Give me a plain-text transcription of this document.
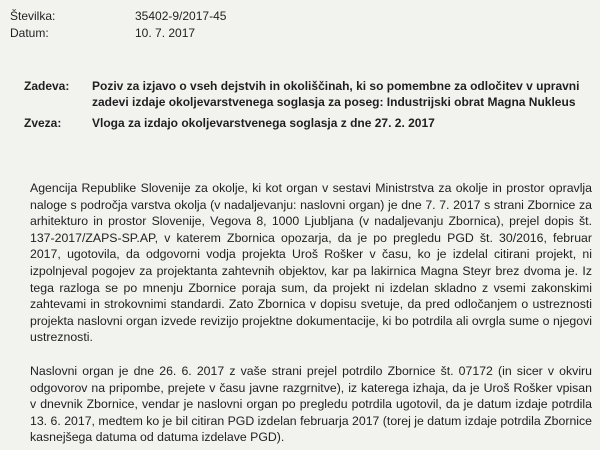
Številka:	35402-9/2017-45
Datum:	10. 7. 2017
Zadeva:	Poziv za izjavo o vseh dejstvih in okoliščinah, ki so pomembne za odločitev v upravni zadevi izdaje okoljevarstvenega soglasja za poseg: Industrijski obrat Magna Nukleus
Zveza:	Vloga za izdajo okoljevarstvenega soglasja z dne 27. 2. 2017

Agencija Republike Slovenije za okolje, ki kot organ v sestavi Ministrstva za okolje in prostor opravlja naloge s področja varstva okolja (v nadaljevanju: naslovni organ) je dne 7. 7. 2017 s strani Zbornice za arhitekturo in prostor Slovenije, Vegova 8, 1000 Ljubljana (v nadaljevanju Zbornica), prejel dopis št. 137-2017/ZAPS-SP.AP, v katerem Zbornica opozarja, da je po pregledu PGD št. 30/2016, februar 2017, ugotovila, da odgovorni vodja projekta Uroš Rošker v času, ko je izdelal citirani projekt, ni izpolnjeval pogojev za projektanta zahtevnih objektov, kar pa lakirnica Magna Steyr brez dvoma je. Iz tega razloga se po mnenju Zbornice poraja sum, da projekt ni izdelan skladno z vsemi zakonskimi zahtevami in strokovnimi standardi. Zato Zbornica v dopisu svetuje, da pred odločanjem o ustreznosti projekta naslovni organ izvede revizijo projektne dokumentacije, ki bo potrdila ali ovrgla sume o njegovi ustreznosti.

Naslovni organ je dne 26. 6. 2017 z vaše strani prejel potrdilo Zbornice št. 07172 (in sicer v okviru odgovorov na pripombe, prejete v času javne razgrnitve), iz katerega izhaja, da je Uroš Rošker vpisan v dnevnik Zbornice, vendar je naslovni organ po pregledu potrdila ugotovil, da je datum izdaje potrdila 13. 6. 2017, medtem ko je bil citiran PGD izdelan februarja 2017 (torej je datum izdaje potrdila Zbornice kasnejšega datuma od datuma izdelave PGD).
